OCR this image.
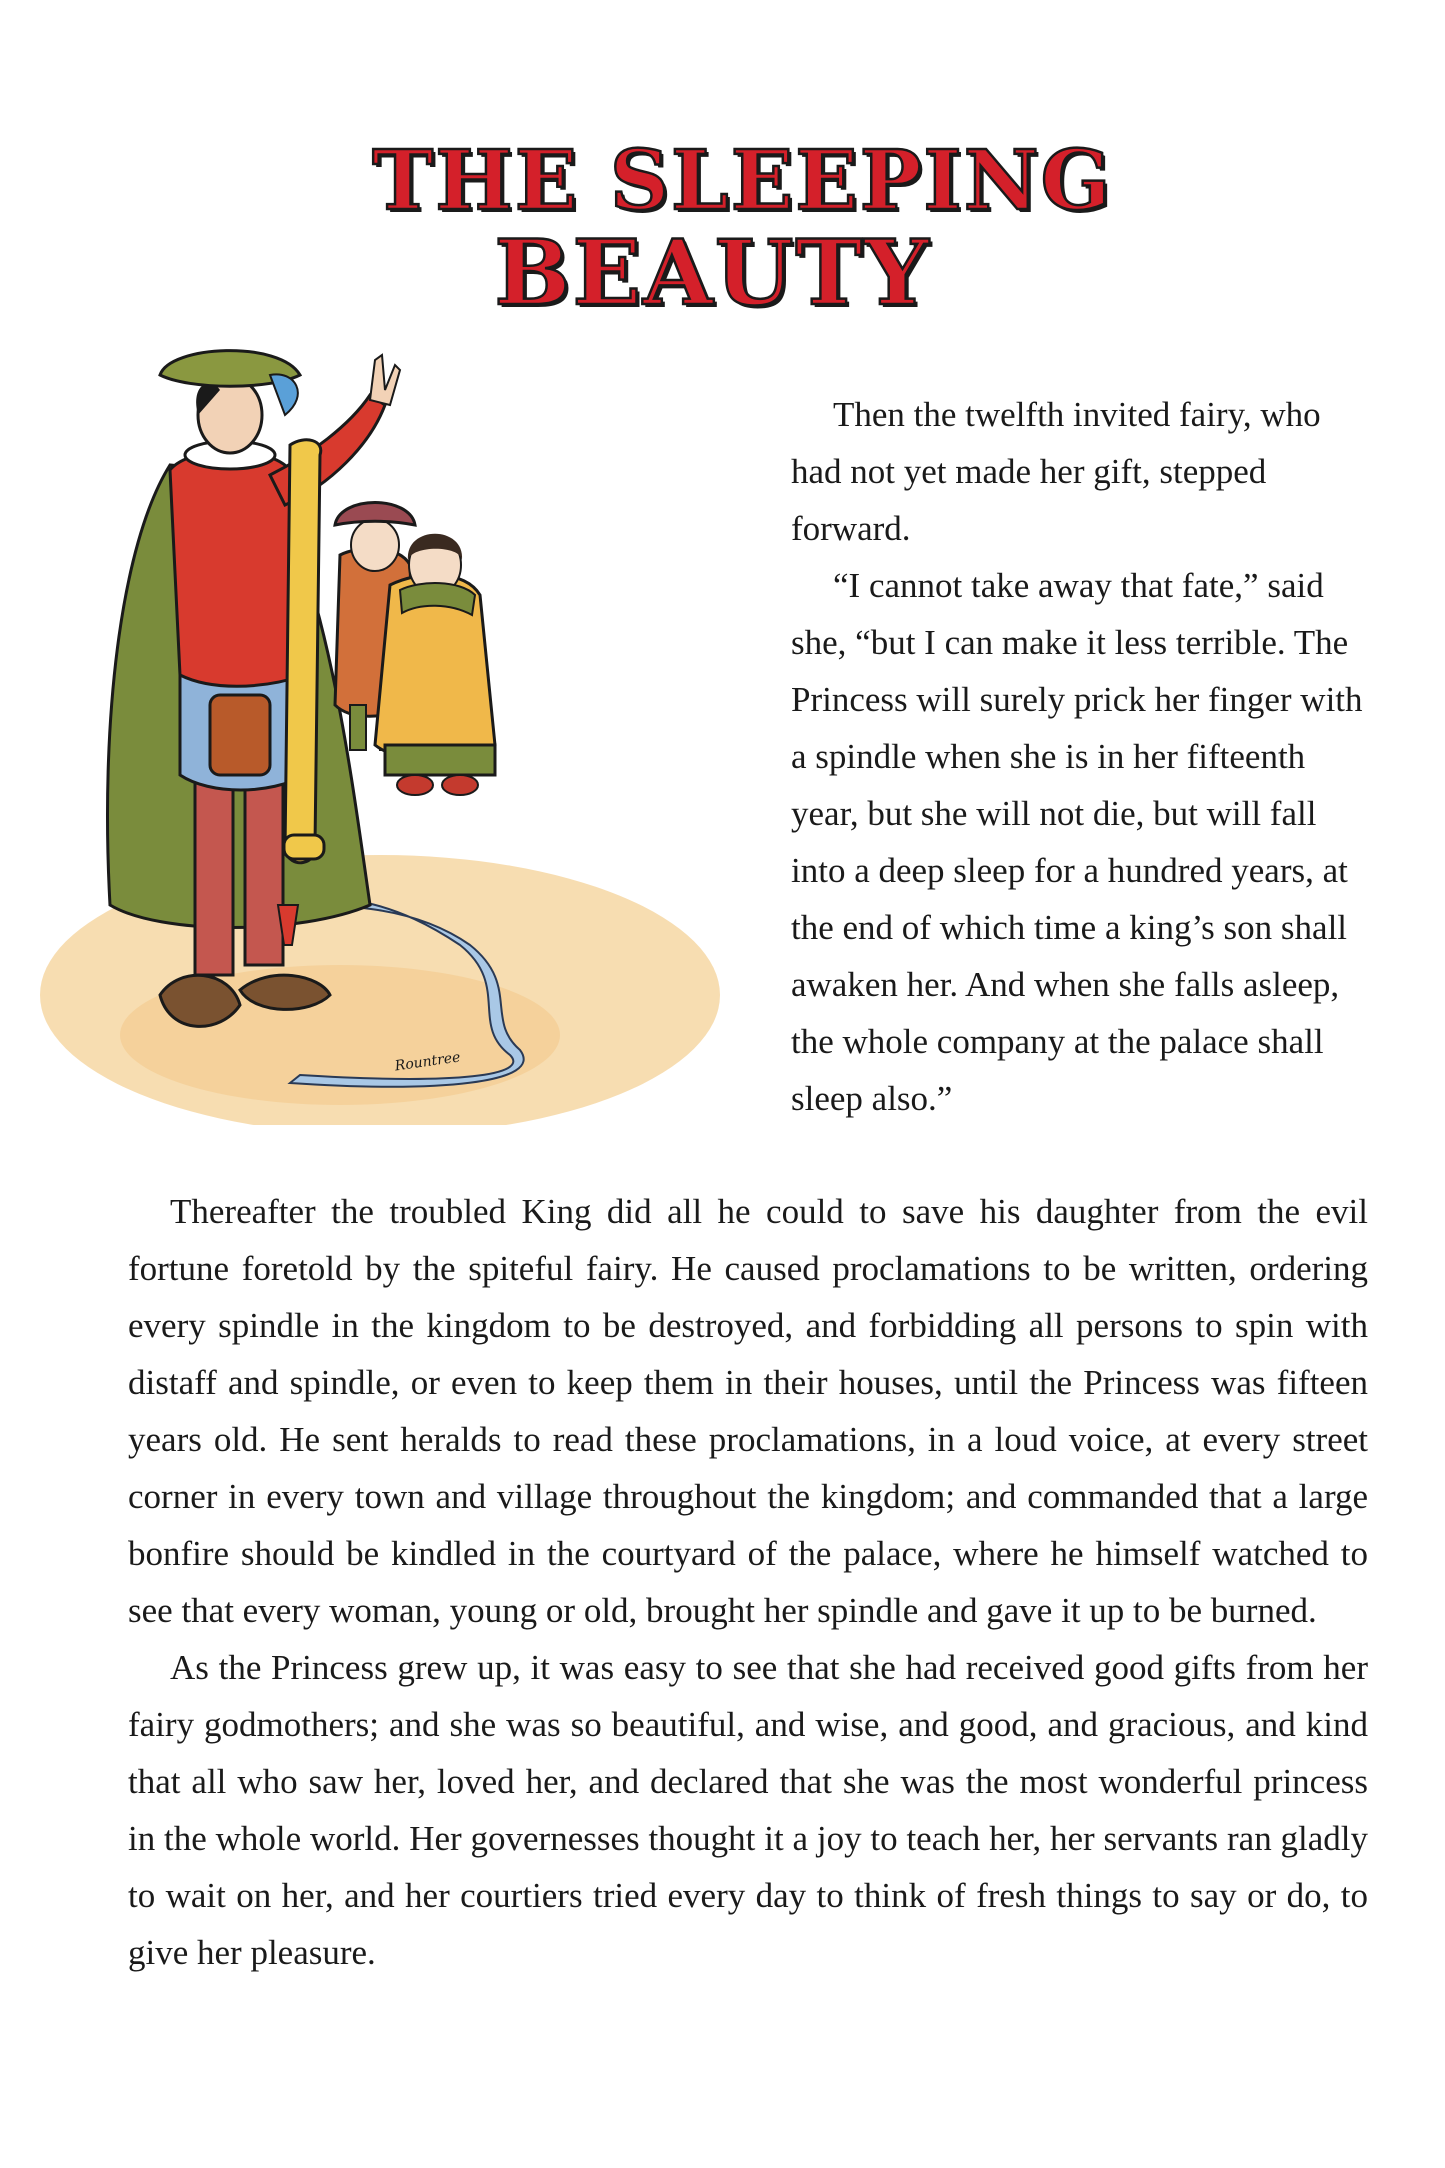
THE SLEEPING
BEAUTY
Rountree

Then the twelfth invited fairy, who had not yet made her gift, stepped forward.

“I cannot take away that fate,” said she, “but I can make it less terrible. The Princess will surely prick her finger with a spindle when she is in her fifteenth year, but she will not die, but will fall into a deep sleep for a hundred years, at the end of which time a king’s son shall awaken her. And when she falls asleep, the whole company at the palace shall sleep also.”

Thereafter the troubled King did all he could to save his daughter from the evil fortune foretold by the spiteful fairy. He caused proclamations to be written, ordering every spindle in the kingdom to be destroyed, and forbidding all persons to spin with distaff and spindle, or even to keep them in their houses, until the Princess was fifteen years old. He sent heralds to read these proclamations, in a loud voice, at every street corner in every town and village throughout the kingdom; and commanded that a large bonfire should be kindled in the courtyard of the palace, where he himself watched to see that every woman, young or old, brought her spindle and gave it up to be burned.

As the Princess grew up, it was easy to see that she had received good gifts from her fairy godmothers; and she was so beautiful, and wise, and good, and gracious, and kind that all who saw her, loved her, and declared that she was the most wonderful princess in the whole world. Her governesses thought it a joy to teach her, her servants ran gladly to wait on her, and her courtiers tried every day to think of fresh things to say or do, to give her pleasure.
